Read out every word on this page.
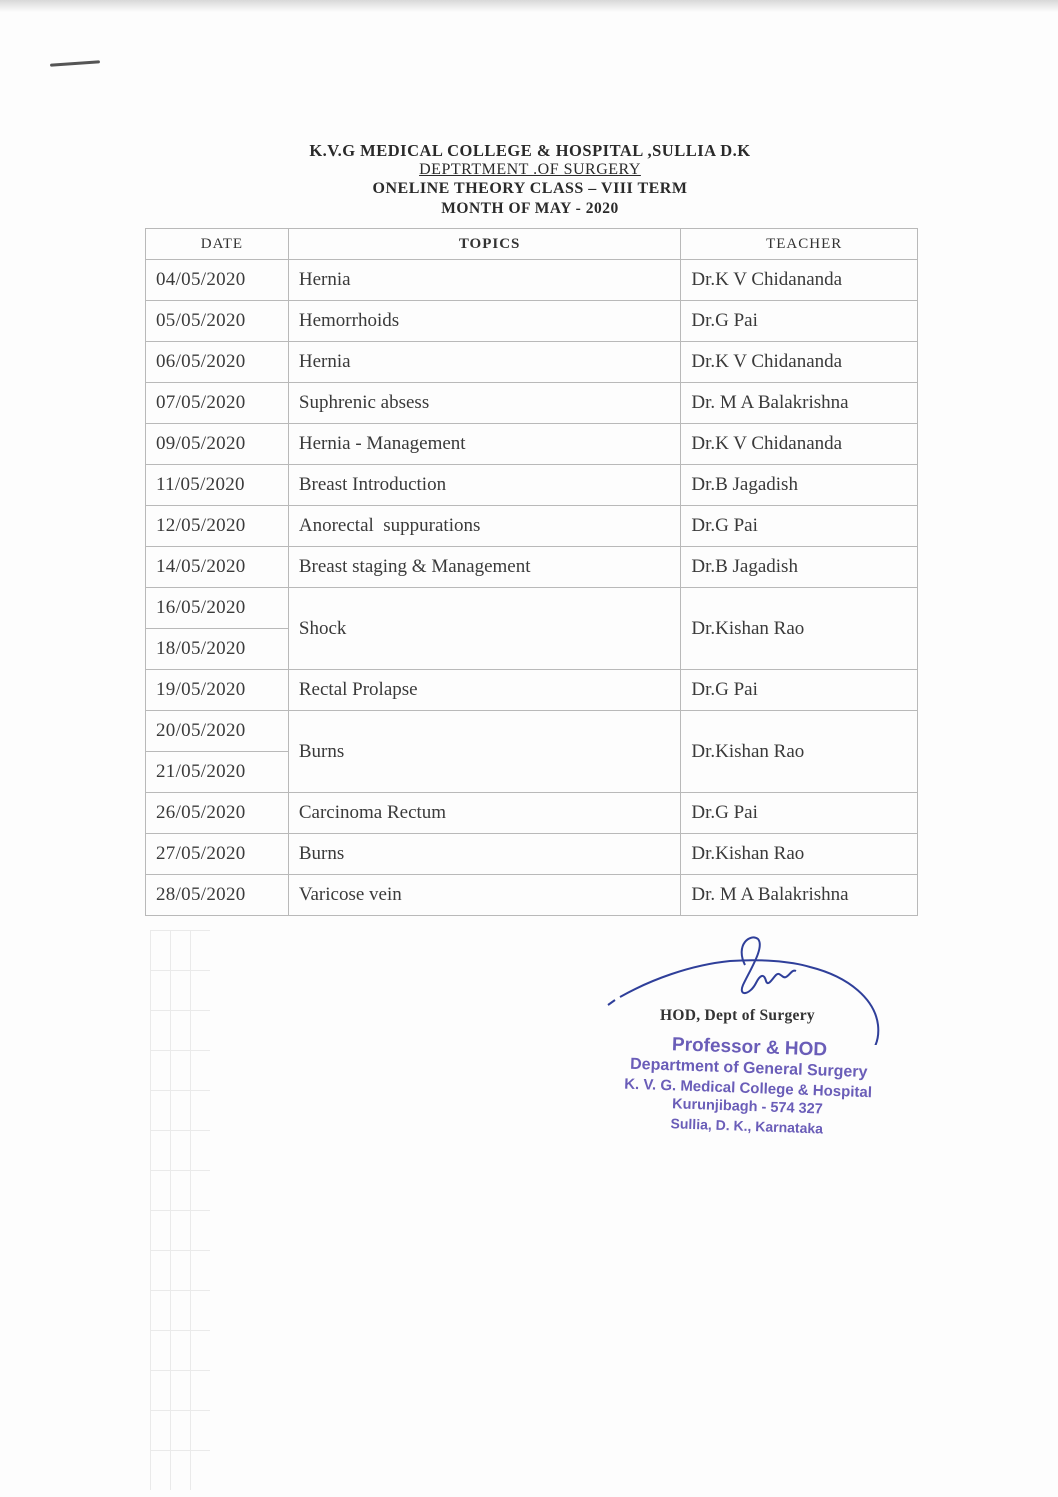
K.V.G MEDICAL COLLEGE & HOSPITAL ,SULLIA D.K
DEPTRTMENT .OF SURGERY
ONELINE THEORY CLASS – VIII TERM
MONTH OF MAY - 2020
DATE	TOPICS	TEACHER
04/05/2020	Hernia	Dr.K V Chidananda
05/05/2020	Hemorrhoids	Dr.G Pai
06/05/2020	Hernia	Dr.K V Chidananda
07/05/2020	Suphrenic absess	Dr. M A Balakrishna
09/05/2020	Hernia - Management	Dr.K V Chidananda
11/05/2020	Breast Introduction	Dr.B Jagadish
12/05/2020	Anorectal  suppurations	Dr.G Pai
14/05/2020	Breast staging & Management	Dr.B Jagadish
16/05/2020	Shock	Dr.Kishan Rao
18/05/2020		
19/05/2020	Rectal Prolapse	Dr.G Pai
20/05/2020	Burns	Dr.Kishan Rao
21/05/2020		
26/05/2020	Carcinoma Rectum	Dr.G Pai
27/05/2020	Burns	Dr.Kishan Rao
28/05/2020	Varicose vein	Dr. M A Balakrishna
HOD, Dept of Surgery
Professor & HOD
Department of General Surgery
K. V. G. Medical College & Hospital
Kurunjibagh - 574 327
Sullia, D. K., Karnataka
